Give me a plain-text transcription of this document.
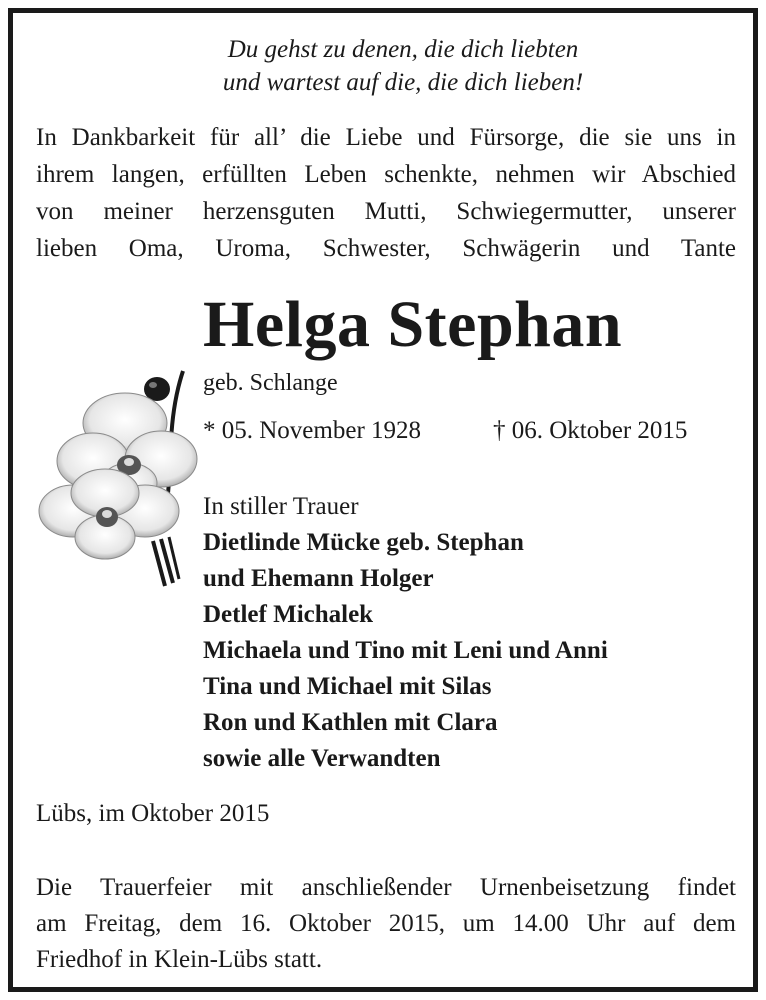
Du gehst zu denen, die dich liebten
und wartest auf die, die dich lieben!
In Dankbarkeit für all’ die Liebe und Fürsorge, die sie uns in
ihrem langen, erfüllten Leben schenkte, nehmen wir Abschied
von meiner herzensguten Mutti, Schwiegermutter, unserer
lieben Oma, Uroma, Schwester, Schwägerin und Tante
Helga Stephan
geb. Schlange
* 05. November 1928	† 06. Oktober 2015
In stiller Trauer
Dietlinde Mücke geb. Stephan
und Ehemann Holger
Detlef Michalek
Michaela und Tino mit Leni und Anni
Tina und Michael mit Silas
Ron und Kathlen mit Clara
sowie alle Verwandten
Lübs, im Oktober 2015
Die Trauerfeier mit anschließender Urnenbeisetzung findet
am Freitag, dem 16. Oktober 2015, um 14.00 Uhr auf dem
Friedhof in Klein-Lübs statt.
